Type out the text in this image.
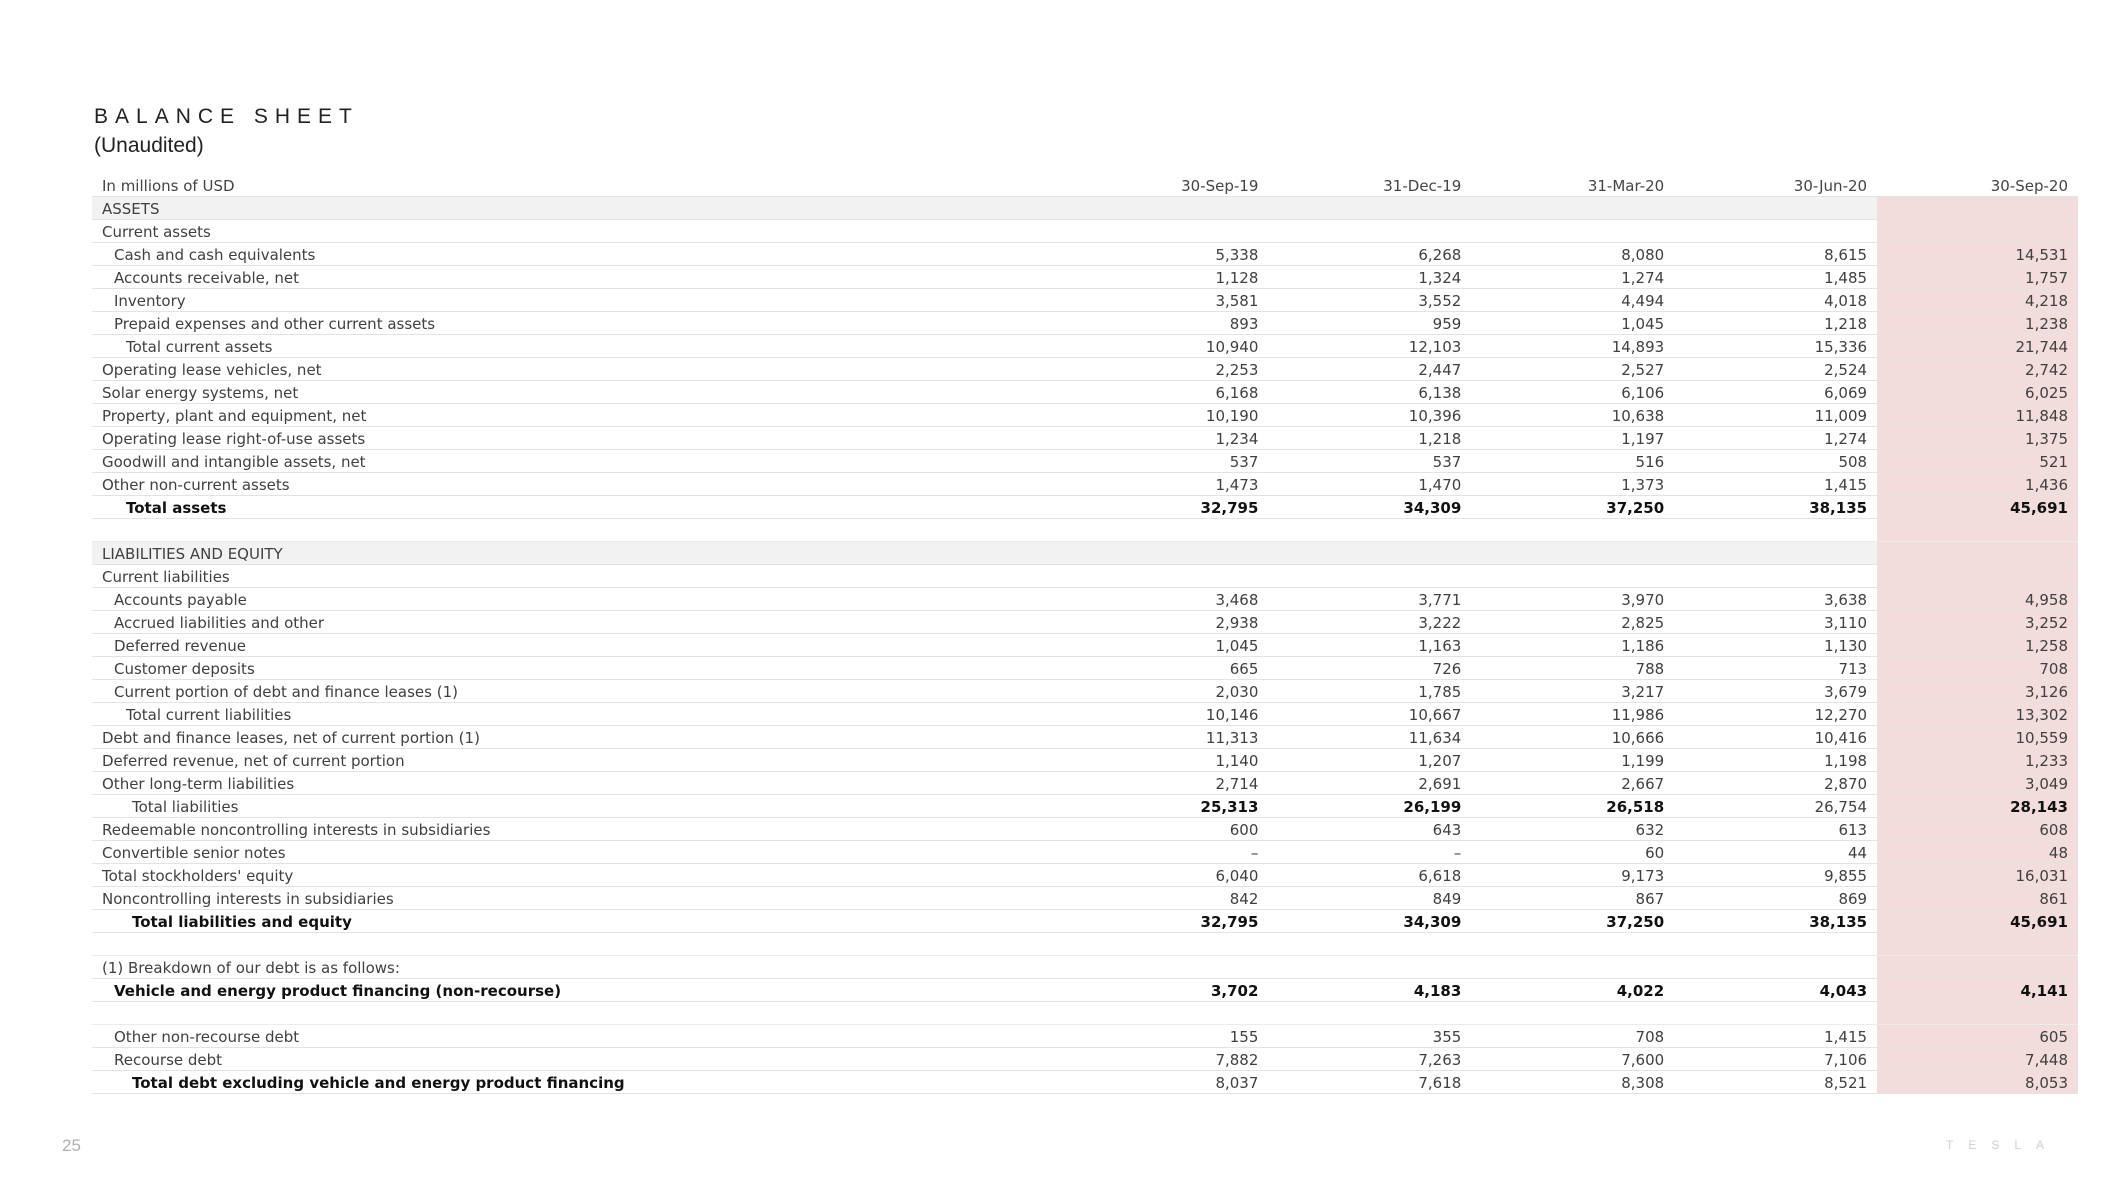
BALANCE SHEET
(Unaudited)
In millions of USD	30-Sep-19	31-Dec-19	31-Mar-20	30-Jun-20	30-Sep-20
ASSETS					
Current assets					
Cash and cash equivalents	5,338	6,268	8,080	8,615	14,531
Accounts receivable, net	1,128	1,324	1,274	1,485	1,757
Inventory	3,581	3,552	4,494	4,018	4,218
Prepaid expenses and other current assets	893	959	1,045	1,218	1,238
Total current assets	10,940	12,103	14,893	15,336	21,744
Operating lease vehicles, net	2,253	2,447	2,527	2,524	2,742
Solar energy systems, net	6,168	6,138	6,106	6,069	6,025
Property, plant and equipment, net	10,190	10,396	10,638	11,009	11,848
Operating lease right-of-use assets	1,234	1,218	1,197	1,274	1,375
Goodwill and intangible assets, net	537	537	516	508	521
Other non-current assets	1,473	1,470	1,373	1,415	1,436
Total assets	32,795	34,309	37,250	38,135	45,691

LIABILITIES AND EQUITY					
Current liabilities					
Accounts payable	3,468	3,771	3,970	3,638	4,958
Accrued liabilities and other	2,938	3,222	2,825	3,110	3,252
Deferred revenue	1,045	1,163	1,186	1,130	1,258
Customer deposits	665	726	788	713	708
Current portion of debt and finance leases (1)	2,030	1,785	3,217	3,679	3,126
Total current liabilities	10,146	10,667	11,986	12,270	13,302
Debt and finance leases, net of current portion (1)	11,313	11,634	10,666	10,416	10,559
Deferred revenue, net of current portion	1,140	1,207	1,199	1,198	1,233
Other long-term liabilities	2,714	2,691	2,667	2,870	3,049
Total liabilities	25,313	26,199	26,518	26,754	28,143
Redeemable noncontrolling interests in subsidiaries	600	643	632	613	608
Convertible senior notes	–	–	60	44	48
Total stockholders' equity	6,040	6,618	9,173	9,855	16,031
Noncontrolling interests in subsidiaries	842	849	867	869	861
Total liabilities and equity	32,795	34,309	37,250	38,135	45,691

(1) Breakdown of our debt is as follows:					
Vehicle and energy product financing (non-recourse)	3,702	4,183	4,022	4,043	4,141

Other non-recourse debt	155	355	708	1,415	605
Recourse debt	7,882	7,263	7,600	7,106	7,448
Total debt excluding vehicle and energy product financing	8,037	7,618	8,308	8,521	8,053
25	TESLA
